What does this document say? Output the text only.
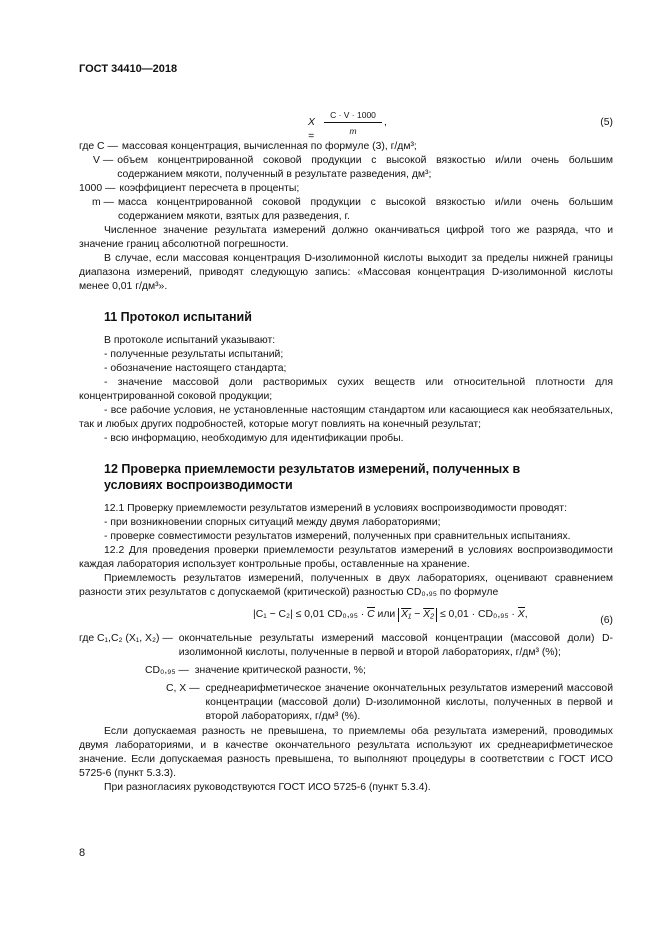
ГОСТ 34410—2018
X =
C · V · 1000
m
,	(5)
где C — массовая концентрация, вычисленная по формуле (3), г/дм³;
V — объем концентрированной соковой продукции с высокой вязкостью и/или очень большим содержанием мякоти, полученный в результате разведения, дм³;
1000 — коэффициент пересчета в проценты;
m — масса концентрированной соковой продукции с высокой вязкостью и/или очень большим содержанием мякоти, взятых для разведения, г.

Численное значение результата измерений должно оканчиваться цифрой того же разряда, что и значение границ абсолютной погрешности.

В случае, если массовая концентрация D-изолимонной кислоты выходит за пределы нижней границы диапазона измерений, приводят следующую запись: «Массовая концентрация D-изолимонной кислоты менее 0,01 г/дм³».

11 Протокол испытаний

В протоколе испытаний указывают:

- полученные результаты испытаний;

- обозначение настоящего стандарта;

- значение массовой доли растворимых сухих веществ или относительной плотности для концентрированной соковой продукции;

- все рабочие условия, не установленные настоящим стандартом или касающиеся как необязательных, так и любых других подробностей, которые могут повлиять на конечный результат;

- всю информацию, необходимую для идентификации пробы.

12 Проверка приемлемости результатов измерений, полученных в условиях воспроизводимости

12.1 Проверку приемлемости результатов измерений в условиях воспроизводимости проводят:

- при возникновении спорных ситуаций между двумя лабораториями;

- проверке совместимости результатов измерений, полученных при сравнительных испытаниях.

12.2 Для проведения проверки приемлемости результатов измерений в условиях воспроизводимости каждая лаборатория использует контрольные пробы, оставленные на хранение.

Приемлемость результатов измерений, полученных в двух лабораториях, оценивают сравнением разности этих результатов с допускаемой (критической) разностью CD₀,₉₅ по формуле

|C₁ − C₂| ≤ 0,01 CD₀,₉₅ · C или X₁ − X₂ ≤ 0,01 · CD₀,₉₅ · X,
(6)
где C₁,C₂ (X₁, X₂) — окончательные результаты измерений массовой концентрации (массовой доли) D-изолимонной кислоты, полученные в первой и второй лабораториях, г/дм³ (%);
CD₀,₉₅ — значение критической разности, %;
C, X — среднеарифметическое значение окончательных результатов измерений массовой концентрации (массовой доли) D-изолимонной кислоты, полученных в первой и второй лабораториях, г/дм³ (%).

Если допускаемая разность не превышена, то приемлемы оба результата измерений, проводимых двумя лабораториями, и в качестве окончательного результата используют их среднеарифметическое значение. Если допускаемая разность превышена, то выполняют процедуры в соответствии с ГОСТ ИСО 5725-6 (пункт 5.3.3).

При разногласиях руководствуются ГОСТ ИСО 5725-6 (пункт 5.3.4).

8
